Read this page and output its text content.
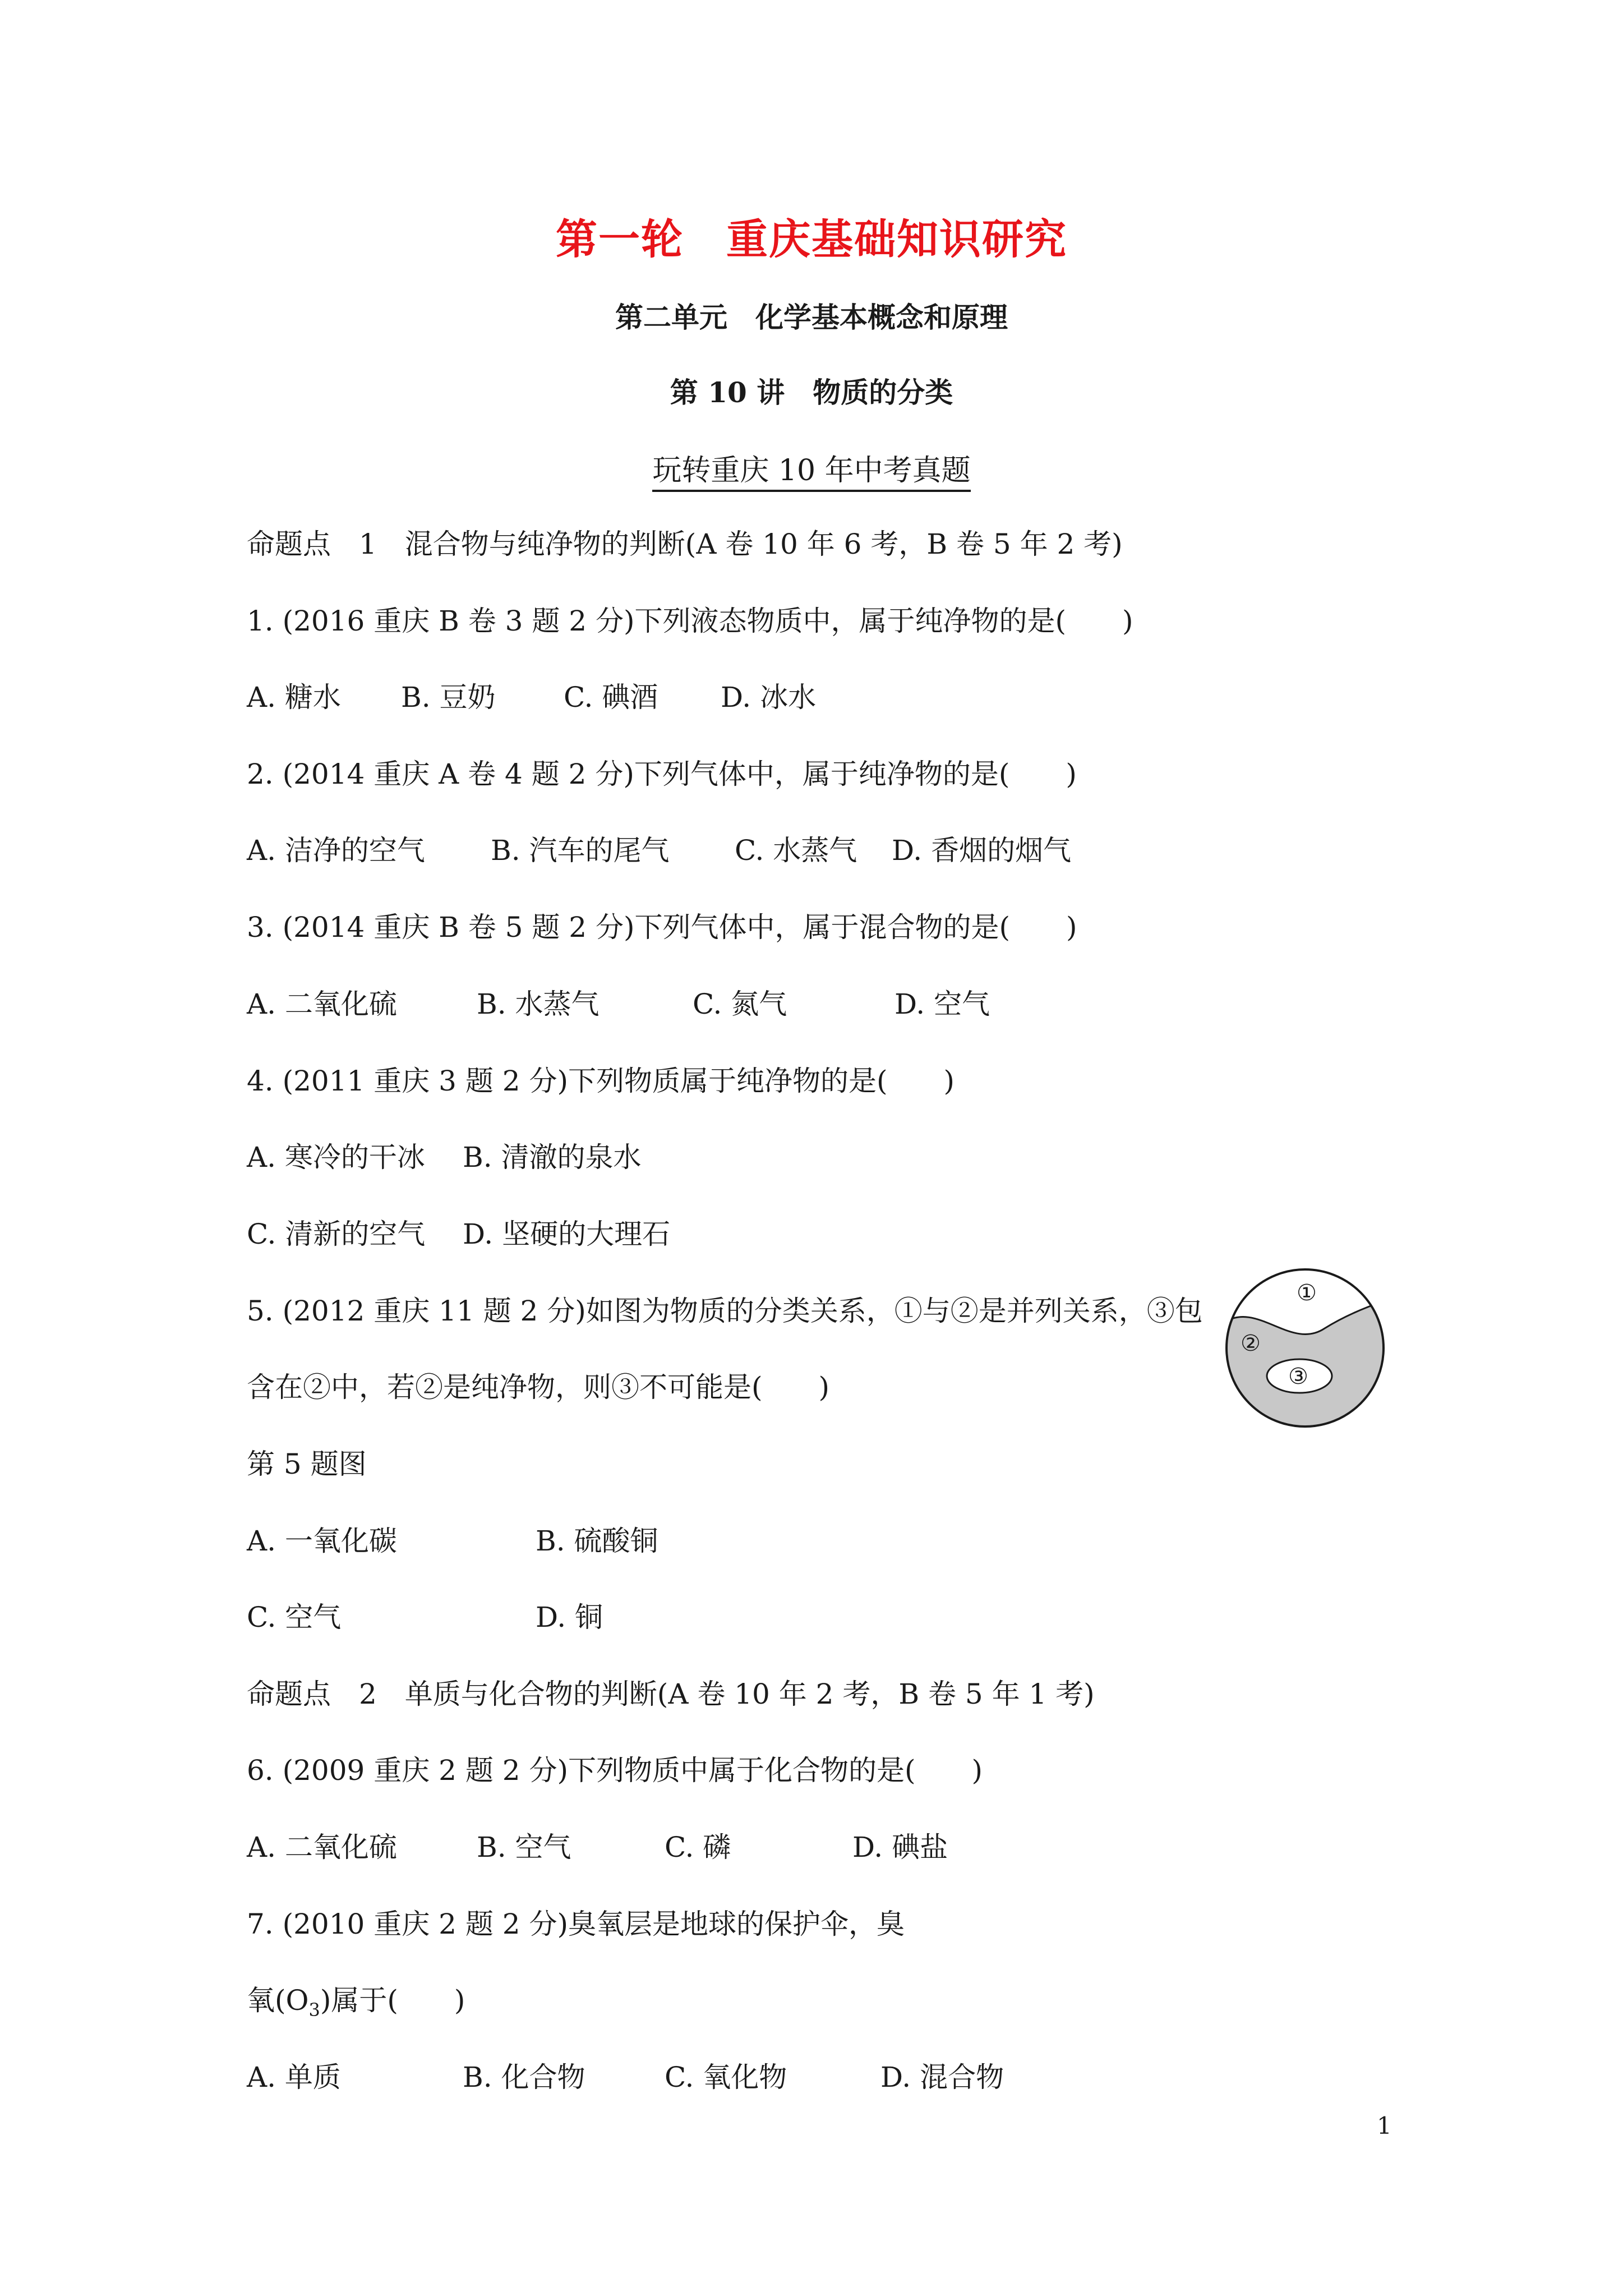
第一轮　重庆基础知识研究
第二单元　化学基本概念和原理
第 10 讲　物质的分类
玩转重庆 10 年中考真题
命题点　1　混合物与纯净物的判断(A 卷 10 年 6 考，B 卷 5 年 2 考)
1. (2016 重庆 B 卷 3 题 2 分)下列液态物质中，属于纯净物的是(　　)
A. 糖水 B. 豆奶 C. 碘酒 D. 冰水
2. (2014 重庆 A 卷 4 题 2 分)下列气体中，属于纯净物的是(　　)
A. 洁净的空气 B. 汽车的尾气 C. 水蒸气 D. 香烟的烟气
3. (2014 重庆 B 卷 5 题 2 分)下列气体中，属于混合物的是(　　)
A. 二氧化硫	B. 水蒸气	C. 氮气	D. 空气
4. (2011 重庆 3 题 2 分)下列物质属于纯净物的是(　　)
A. 寒冷的干冰 B. 清澈的泉水
C. 清新的空气 D. 坚硬的大理石
5. (2012 重庆 11 题 2 分)如图为物质的分类关系，①与②是并列关系，③包
含在②中，若②是纯净物，则③不可能是(　　)
①
②
③
第 5 题图
A. 一氧化碳	B. 硫酸铜
C. 空气	D. 铜
命题点　2　单质与化合物的判断(A 卷 10 年 2 考，B 卷 5 年 1 考)
6. (2009 重庆 2 题 2 分)下列物质中属于化合物的是(　　)
A. 二氧化硫	B. 空气	C. 磷	D. 碘盐
7. (2010 重庆 2 题 2 分)臭氧层是地球的保护伞，臭
氧$(O_3)$属于(　　)
A. 单质	B. 化合物	C. 氧化物	D. 混合物
1
